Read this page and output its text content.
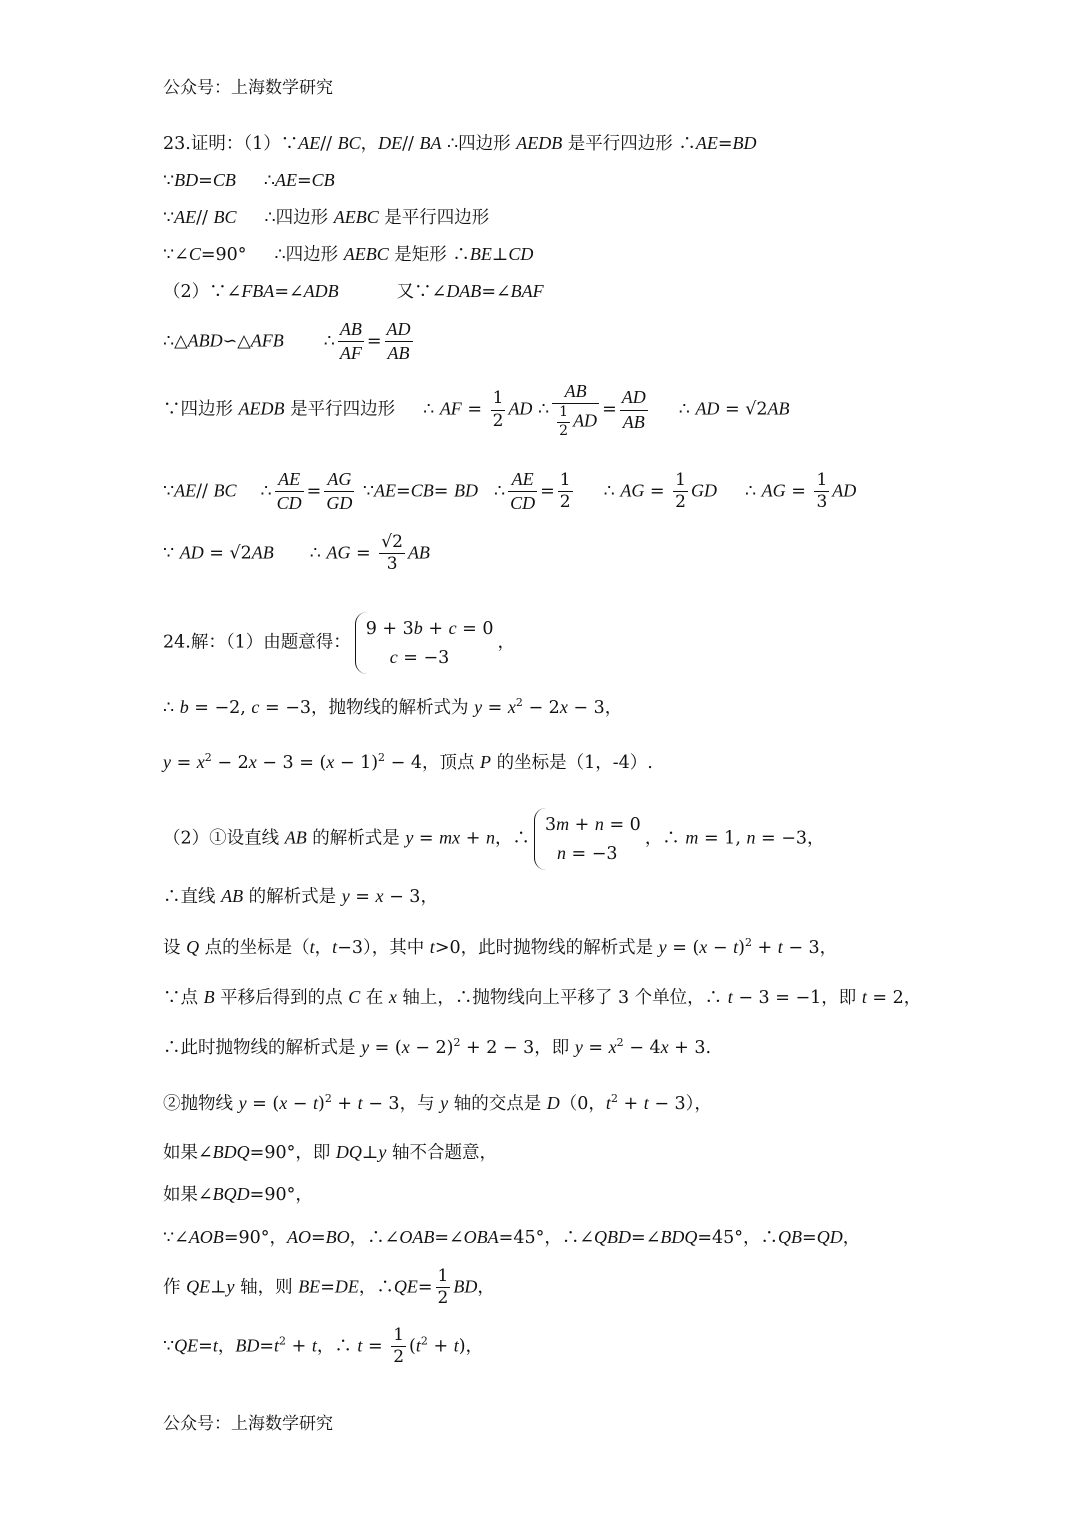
公众号：上海数学研究
23.证明：（1）∵AE// BC，DE// BA ∴四边形 AEDB 是平行四边形 ∴AE=BD
∵BD=CB ∴AE=CB
∵AE// BC ∴四边形 AEBC 是平行四边形
∵∠C=90° ∴四边形 AEBC 是矩形 ∴BE⊥CD
（2）∵∠FBA=∠ADB	又∵∠DAB=∠BAF
∴△ABD∽△AFB ∴ $\frac{AB}{AF} = \frac{AD}{AB}$
∵四边形 AEDB 是平行四边形 ∴ AF = $\frac{1}{2}$ AD ∴ $\frac{AB}{\frac{1}{2} AD} = \frac{AD}{AB}$ ∴ AD = √2AB
∵AE// BC ∴ $\frac{AE}{CD} = \frac{AG}{GD}$ ∵AE=CB= BD ∴ $\frac{AE}{CD} = \frac{1}{2}$ ∴ AG = $\frac{1}{2}$ GD ∴ AG = $\frac{1}{3}$ AD
∵ AD = √2AB ∴ AG = $\frac{√2}{3}$ AB
24.解：（1）由题意得：
9 + 3b + c = 0
c = −3
，
∴ b = −2, c = −3，抛物线的解析式为 $y = x^2 - 2x - 3$，
$y = x^2 - 2x - 3 = (x - 1)^2 - 4$，顶点 P 的坐标是（1，-4）.
（2）①设直线 AB 的解析式是 y = mx + n，∴
3m + n = 0
n = −3
，∴ m = 1, n = −3，
∴直线 AB 的解析式是 y = x − 3，
设 Q 点的坐标是（t，t−3），其中 t>0，此时抛物线的解析式是 $y = (x - t)^2 + t - 3$，
∵点 B 平移后得到的点 C 在 x 轴上，∴抛物线向上平移了 3 个单位，∴ t − 3 = −1，即 t = 2，
∴此时抛物线的解析式是 $y = (x - 2)^2 + 2 - 3$，即 $y = x^2 - 4x + 3$.
②抛物线 $y = (x - t)^2 + t - 3$，与 y 轴的交点是 D（0，$t^2 + t - 3$），
如果∠BDQ=90°，即 DQ⊥y 轴不合题意，
如果∠BQD=90°，
∵∠AOB=90°，AO=BO，∴∠OAB=∠OBA=45°，∴∠QBD=∠BDQ=45°，∴QB=QD，
作 QE⊥y 轴，则 BE=DE，∴QE= $\frac{1}{2}$ BD，
∵QE=t，$BD=t^2 + t$，∴ $t = \frac{1}{2} (t^2 + t)$，
公众号：上海数学研究
